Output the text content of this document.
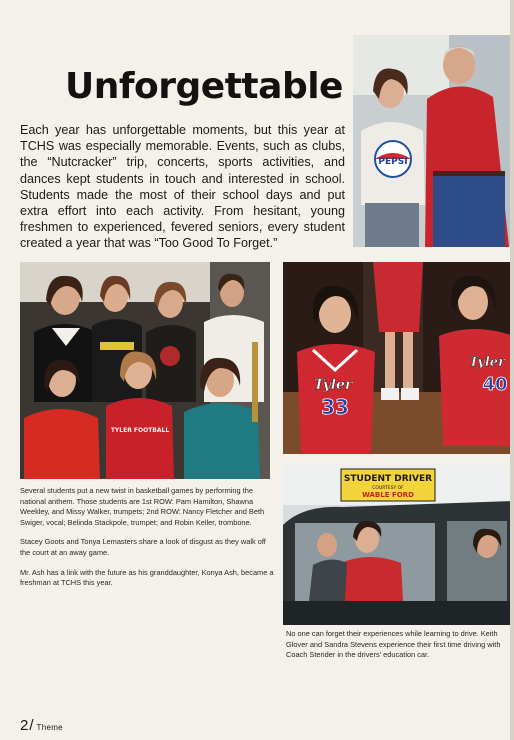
Unforgettable

Each year has unforgettable moments, but this year at TCHS was especially memorable. Events, such as clubs, the “Nutcracker” trip, concerts, sports activities, and dances kept students in touch and interested in school. Students made the most of their school days and put extra effort into each activity. From hesitant, young freshmen to experienced, fevered seniors, every student created a year that was “Too Good To Forget.”

PEPSI
TYLER FOOTBALL
Tyler
33
Tyler
40
STUDENT DRIVER
COURTESY OF
WABLE FORD

Several students put a new twist in basketball games by performing the national anthem. Those students are 1st ROW: Pam Hamilton, Shawna Weekley, and Missy Walker, trumpets; 2nd ROW: Nancy Fletcher and Beth Swiger, vocal; Belinda Stackpole, trumpet; and Robin Keller, trombone.

Stacey Goots and Tonya Lemasters share a look of disgust as they walk off the court at an away game.

Mr. Ash has a link with the future as his granddaughter, Konya Ash, became a freshman at TCHS this year.

No one can forget their experiences while learning to drive. Keith
Glover and Sandra Stevens experience their first time driving with
Coach Stender in the drivers' education car.
2/ Theme
